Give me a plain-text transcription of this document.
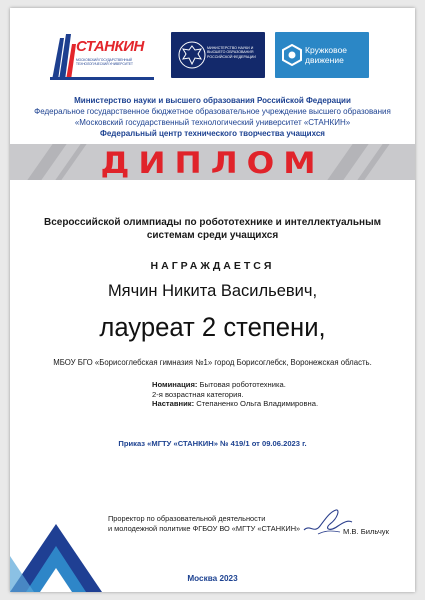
СТАНКИН
МОСКОВСКИЙ ГОСУДАРСТВЕННЫЙ ТЕХНОЛОГИЧЕСКИЙ УНИВЕРСИТЕТ
МИНИСТЕРСТВО НАУКИ И ВЫСШЕГО ОБРАЗОВАНИЯ РОССИЙСКОЙ ФЕДЕРАЦИИ
Кружковое движение
Министерство науки и высшего образования Российской Федерации
Федеральное государственное бюджетное образовательное учреждение высшего образования
«Московский государственный технологический университет «СТАНКИН»
Федеральный центр технического творчества учащихся
ДИПЛОМ
Всероссийской олимпиады по робототехнике и интеллектуальным
системам среди учащихся
НАГРАЖДАЕТСЯ
Мячин Никита Васильевич,
лауреат 2 степени,
МБОУ БГО «Борисоглебская гимназия №1» город Борисоглебск, Воронежская область.
Номинация: Бытовая робототехника.
2-я возрастная категория.
Наставник: Степаненко Ольга Владимировна.
Приказ «МГТУ «СТАНКИН» № 419/1 от 09.06.2023 г.
Проректор по образовательной деятельности
и молодежной политике ФГБОУ ВО «МГТУ «СТАНКИН»	М.В. Бильчук
Москва 2023
